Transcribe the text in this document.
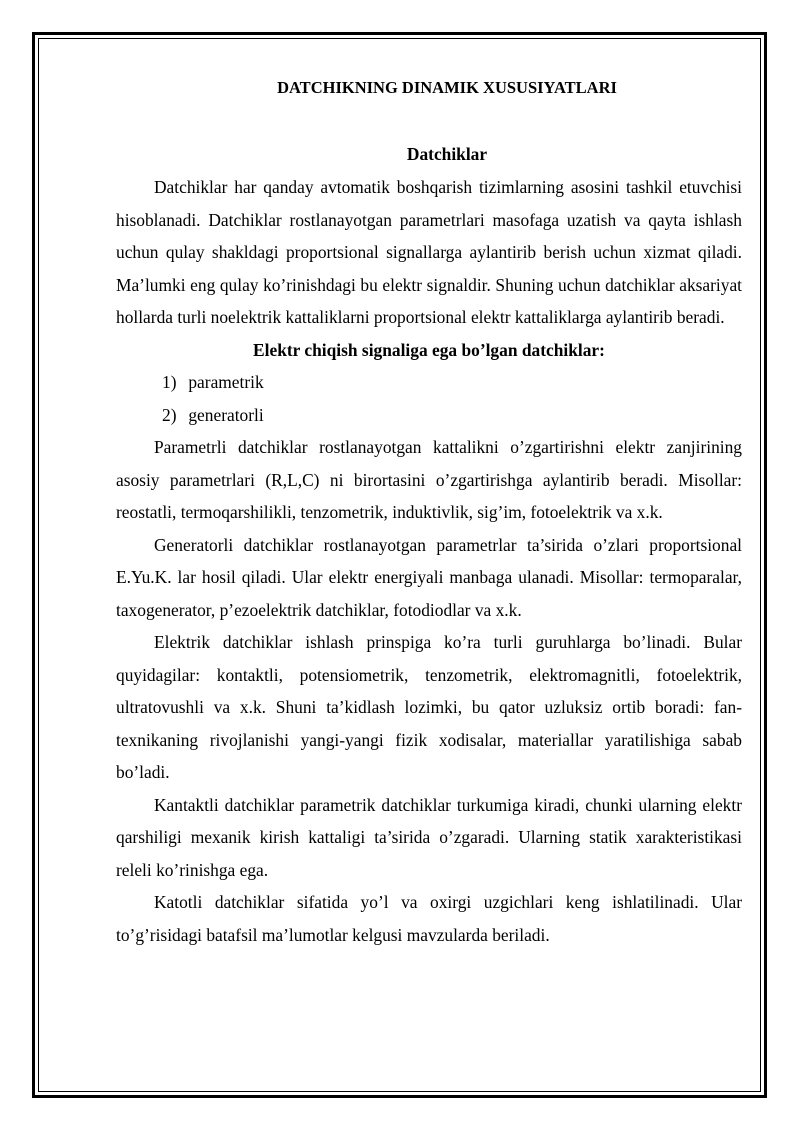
DATCHIKNING DINAMIK XUSUSIYATLARI
Datchiklar

Datchiklar har qanday avtomatik boshqarish tizimlarning asosini tashkil etuvchisi hisoblanadi. Datchiklar rostlanayotgan parametrlari masofaga uzatish va qayta ishlash uchun qulay shakldagi proportsional signallarga aylantirib berish uchun xizmat qiladi. Ma’lumki eng qulay ko’rinishdagi bu elektr signaldir. Shuning uchun datchiklar aksariyat hollarda turli noelektrik kattaliklarni proportsional elektr kattaliklarga aylantirib beradi.

Elektr chiqish signaliga ega bo’lgan datchiklar:
1) parametrik
2) generatorli

Parametrli datchiklar rostlanayotgan kattalikni o’zgartirishni elektr zanjirining asosiy parametrlari (R,L,C) ni birortasini o’zgartirishga aylantirib beradi. Misollar: reostatli, termoqarshilikli, tenzometrik, induktivlik, sig’im, fotoelektrik va x.k.

Generatorli datchiklar rostlanayotgan parametrlar ta’sirida o’zlari proportsional E.Yu.K. lar hosil qiladi. Ular elektr energiyali manbaga ulanadi. Misollar: termoparalar, taxogenerator, p’ezoelektrik datchiklar, fotodiodlar va x.k.

Elektrik datchiklar ishlash prinspiga ko’ra turli guruhlarga bo’linadi. Bular quyidagilar: kontaktli, potensiometrik, tenzometrik, elektromagnitli, fotoelektrik, ultratovushli va x.k. Shuni ta’kidlash lozimki, bu qator uzluksiz ortib boradi: fan-texnikaning rivojlanishi yangi-yangi fizik xodisalar, materiallar yaratilishiga sabab bo’ladi.

Kantaktli datchiklar parametrik datchiklar turkumiga kiradi, chunki ularning elektr qarshiligi mexanik kirish kattaligi ta’sirida o’zgaradi. Ularning statik xarakteristikasi releli ko’rinishga ega.

Katotli datchiklar sifatida yo’l va oxirgi uzgichlari keng ishlatilinadi. Ular to’g’risidagi batafsil ma’lumotlar kelgusi mavzularda beriladi.
